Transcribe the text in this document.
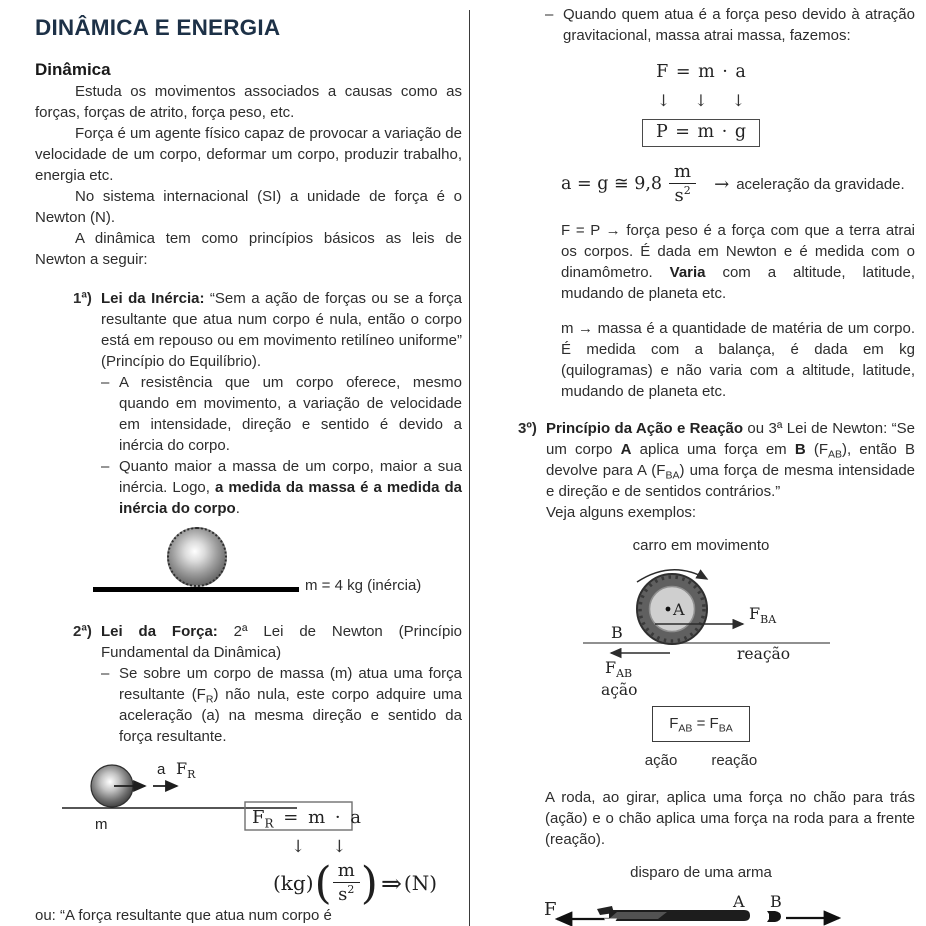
DINÂMICA E ENERGIA
Dinâmica

Estuda os movimentos associados a causas como as forças, forças de atrito, força peso, etc.

Força é um agente físico capaz de provocar a variação de velocidade de um corpo, deformar um corpo, produzir trabalho, energia etc.

No sistema internacional (SI) a unidade de força é o Newton (N).

A dinâmica tem como princípios básicos as leis de Newton a seguir:

1ª) Lei da Inércia: “Sem a ação de forças ou se a força resultante que atua num corpo é nula, então o corpo está em repouso ou em movimento retilíneo uniforme” (Princípio do Equilíbrio).
– A resistência que um corpo oferece, mesmo quando em movimento, a variação de velocidade em intensidade, direção e sentido é devido a inércia do corpo.
– Quanto maior a massa de um corpo, maior a sua inércia. Logo, a medida da massa é a medida da inércia do corpo.
m = 4 kg (inércia)
2ª) Lei da Força: 2ª Lei de Newton (Princípio Fundamental da Dinâmica)
– Se sobre um corpo de massa (m) atua uma força resultante $(F_R)$ não nula, este corpo adquire uma aceleração (a) na mesma direção e sentido da força resultante.
a $F_R$
m	$F_R = m \cdot a$
↓ ↓
(kg) ( $\frac{m}{s^2}$ ) ⇒ (N)

ou: “A força resultante que atua num corpo é

– Quando quem atua é a força peso devido à atração gravitacional, massa atrai massa, fazemos:
F = m · a
↓ ↓ ↓
P = m · g
a = g ≅ $9,8 \frac{m}{s^2}$ → aceleração da gravidade.
F = P → força peso é a força com que a terra atrai os corpos. É dada em Newton e é medida com o dinamômetro. Varia com a altitude, latitude, mudando de planeta etc.
m → massa é a quantidade de matéria de um corpo. É medida com a balança, é dada em kg (quilogramas) e não varia com a altitude, latitude, mudando de planeta etc.
3º) Princípio da Ação e Reação ou 3ª Lei de Newton: “Se um corpo A aplica uma força em B $(F_{AB})$, então B devolve para A $(F_{BA})$ uma força de mesma intensidade e direção e de sentidos contrários.”
Veja alguns exemplos:
carro em movimento
A
B
$F_{BA}$
reação
$F_{AB}$
ação
$F_{AB} = F_{BA}$
ação reação
A roda, ao girar, aplica uma força no chão para trás (ação) e o chão aplica uma força na roda para a frente (reação).
disparo de uma arma
F	A B
